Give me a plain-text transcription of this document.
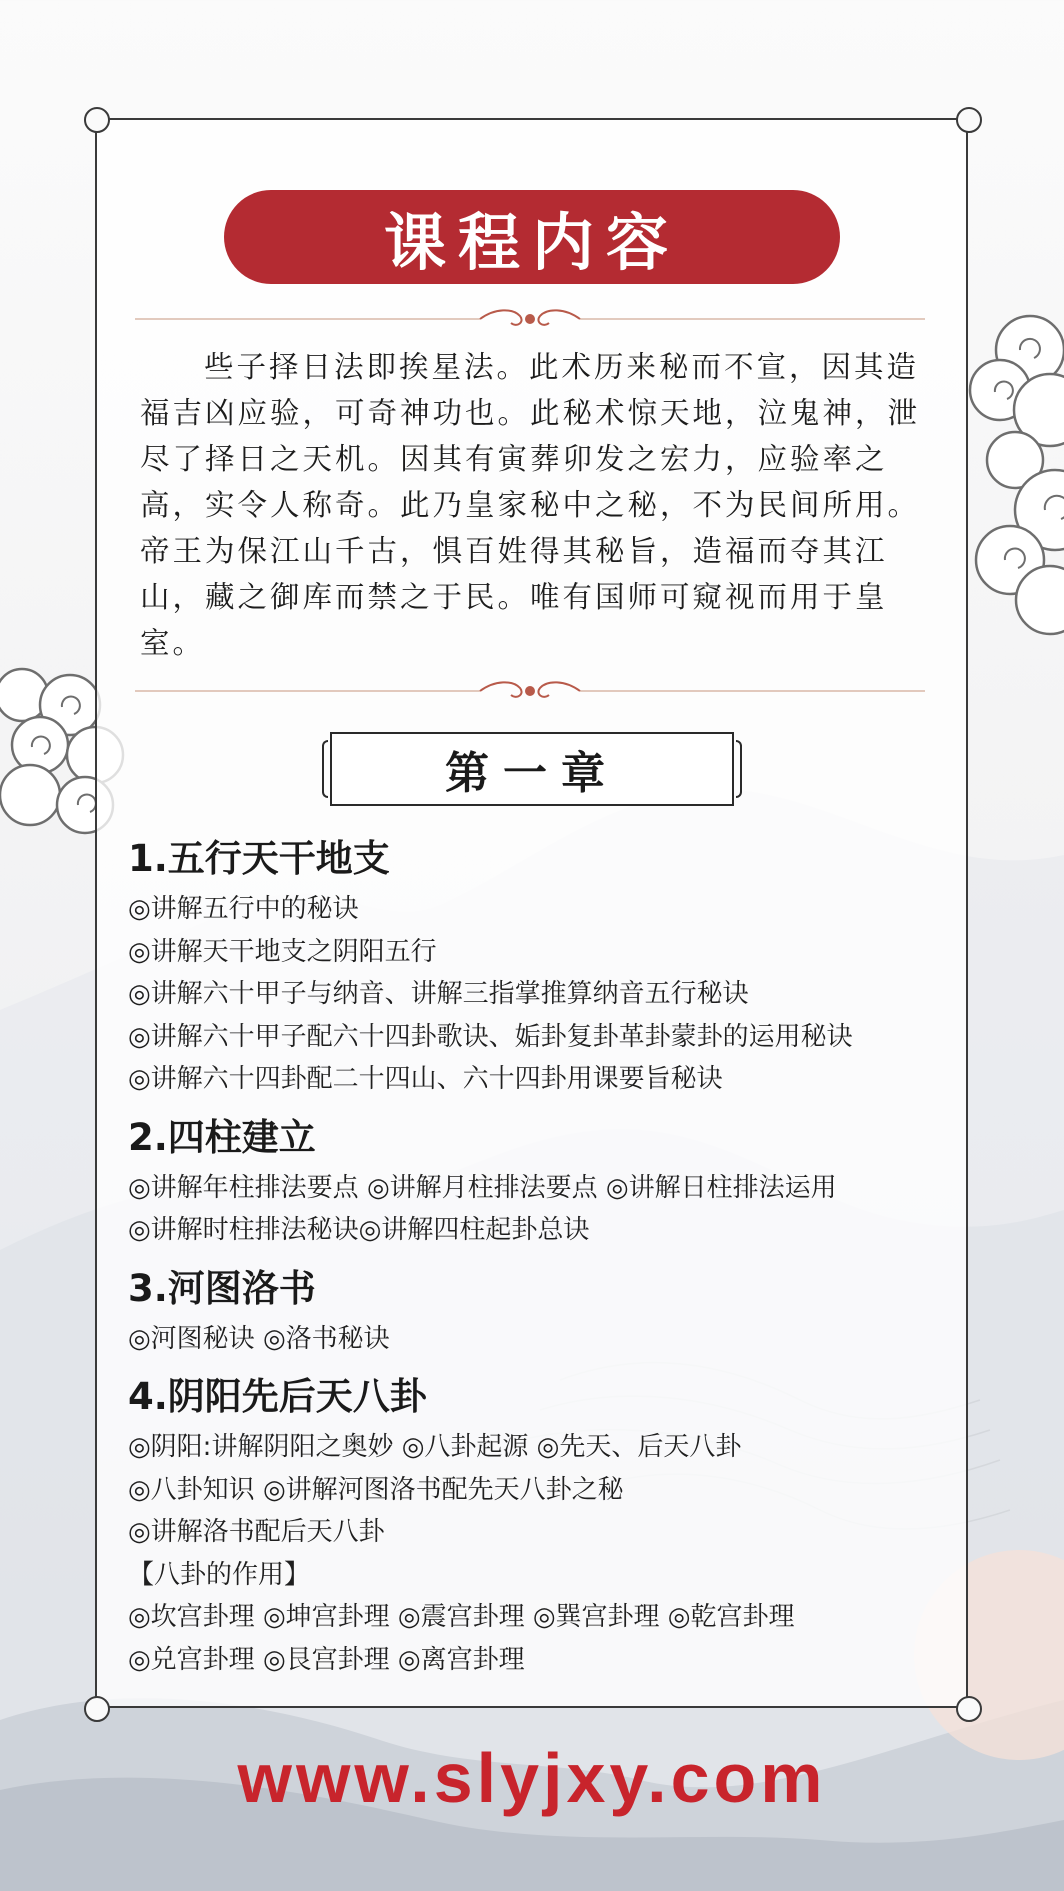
课程内容

些子择日法即挨星法。此术历来秘而不宣，因其造福吉凶应验，可奇神功也。此秘术惊天地，泣鬼神，泄尽了择日之天机。因其有寅葬卯发之宏力，应验率之高，实令人称奇。此乃皇家秘中之秘，不为民间所用。帝王为保江山千古，惧百姓得其秘旨，造福而夺其江山，藏之御库而禁之于民。唯有国师可窥视而用于皇室。

第一章
1.五行天干地支

◎讲解五行中的秘诀

◎讲解天干地支之阴阳五行

◎讲解六十甲子与纳音、讲解三指掌推算纳音五行秘诀

◎讲解六十甲子配六十四卦歌诀、姤卦复卦革卦蒙卦的运用秘诀

◎讲解六十四卦配二十四山、六十四卦用课要旨秘诀

2.四柱建立

◎讲解年柱排法要点 ◎讲解月柱排法要点 ◎讲解日柱排法运用

◎讲解时柱排法秘诀◎讲解四柱起卦总诀

3.河图洛书

◎河图秘诀 ◎洛书秘诀

4.阴阳先后天八卦

◎阴阳:讲解阴阳之奥妙 ◎八卦起源 ◎先天、后天八卦

◎八卦知识 ◎讲解河图洛书配先天八卦之秘

◎讲解洛书配后天八卦

【八卦的作用】

◎坎宫卦理 ◎坤宫卦理 ◎震宫卦理 ◎巽宫卦理 ◎乾宫卦理

◎兑宫卦理 ◎艮宫卦理 ◎离宫卦理

www.slyjxy.com
